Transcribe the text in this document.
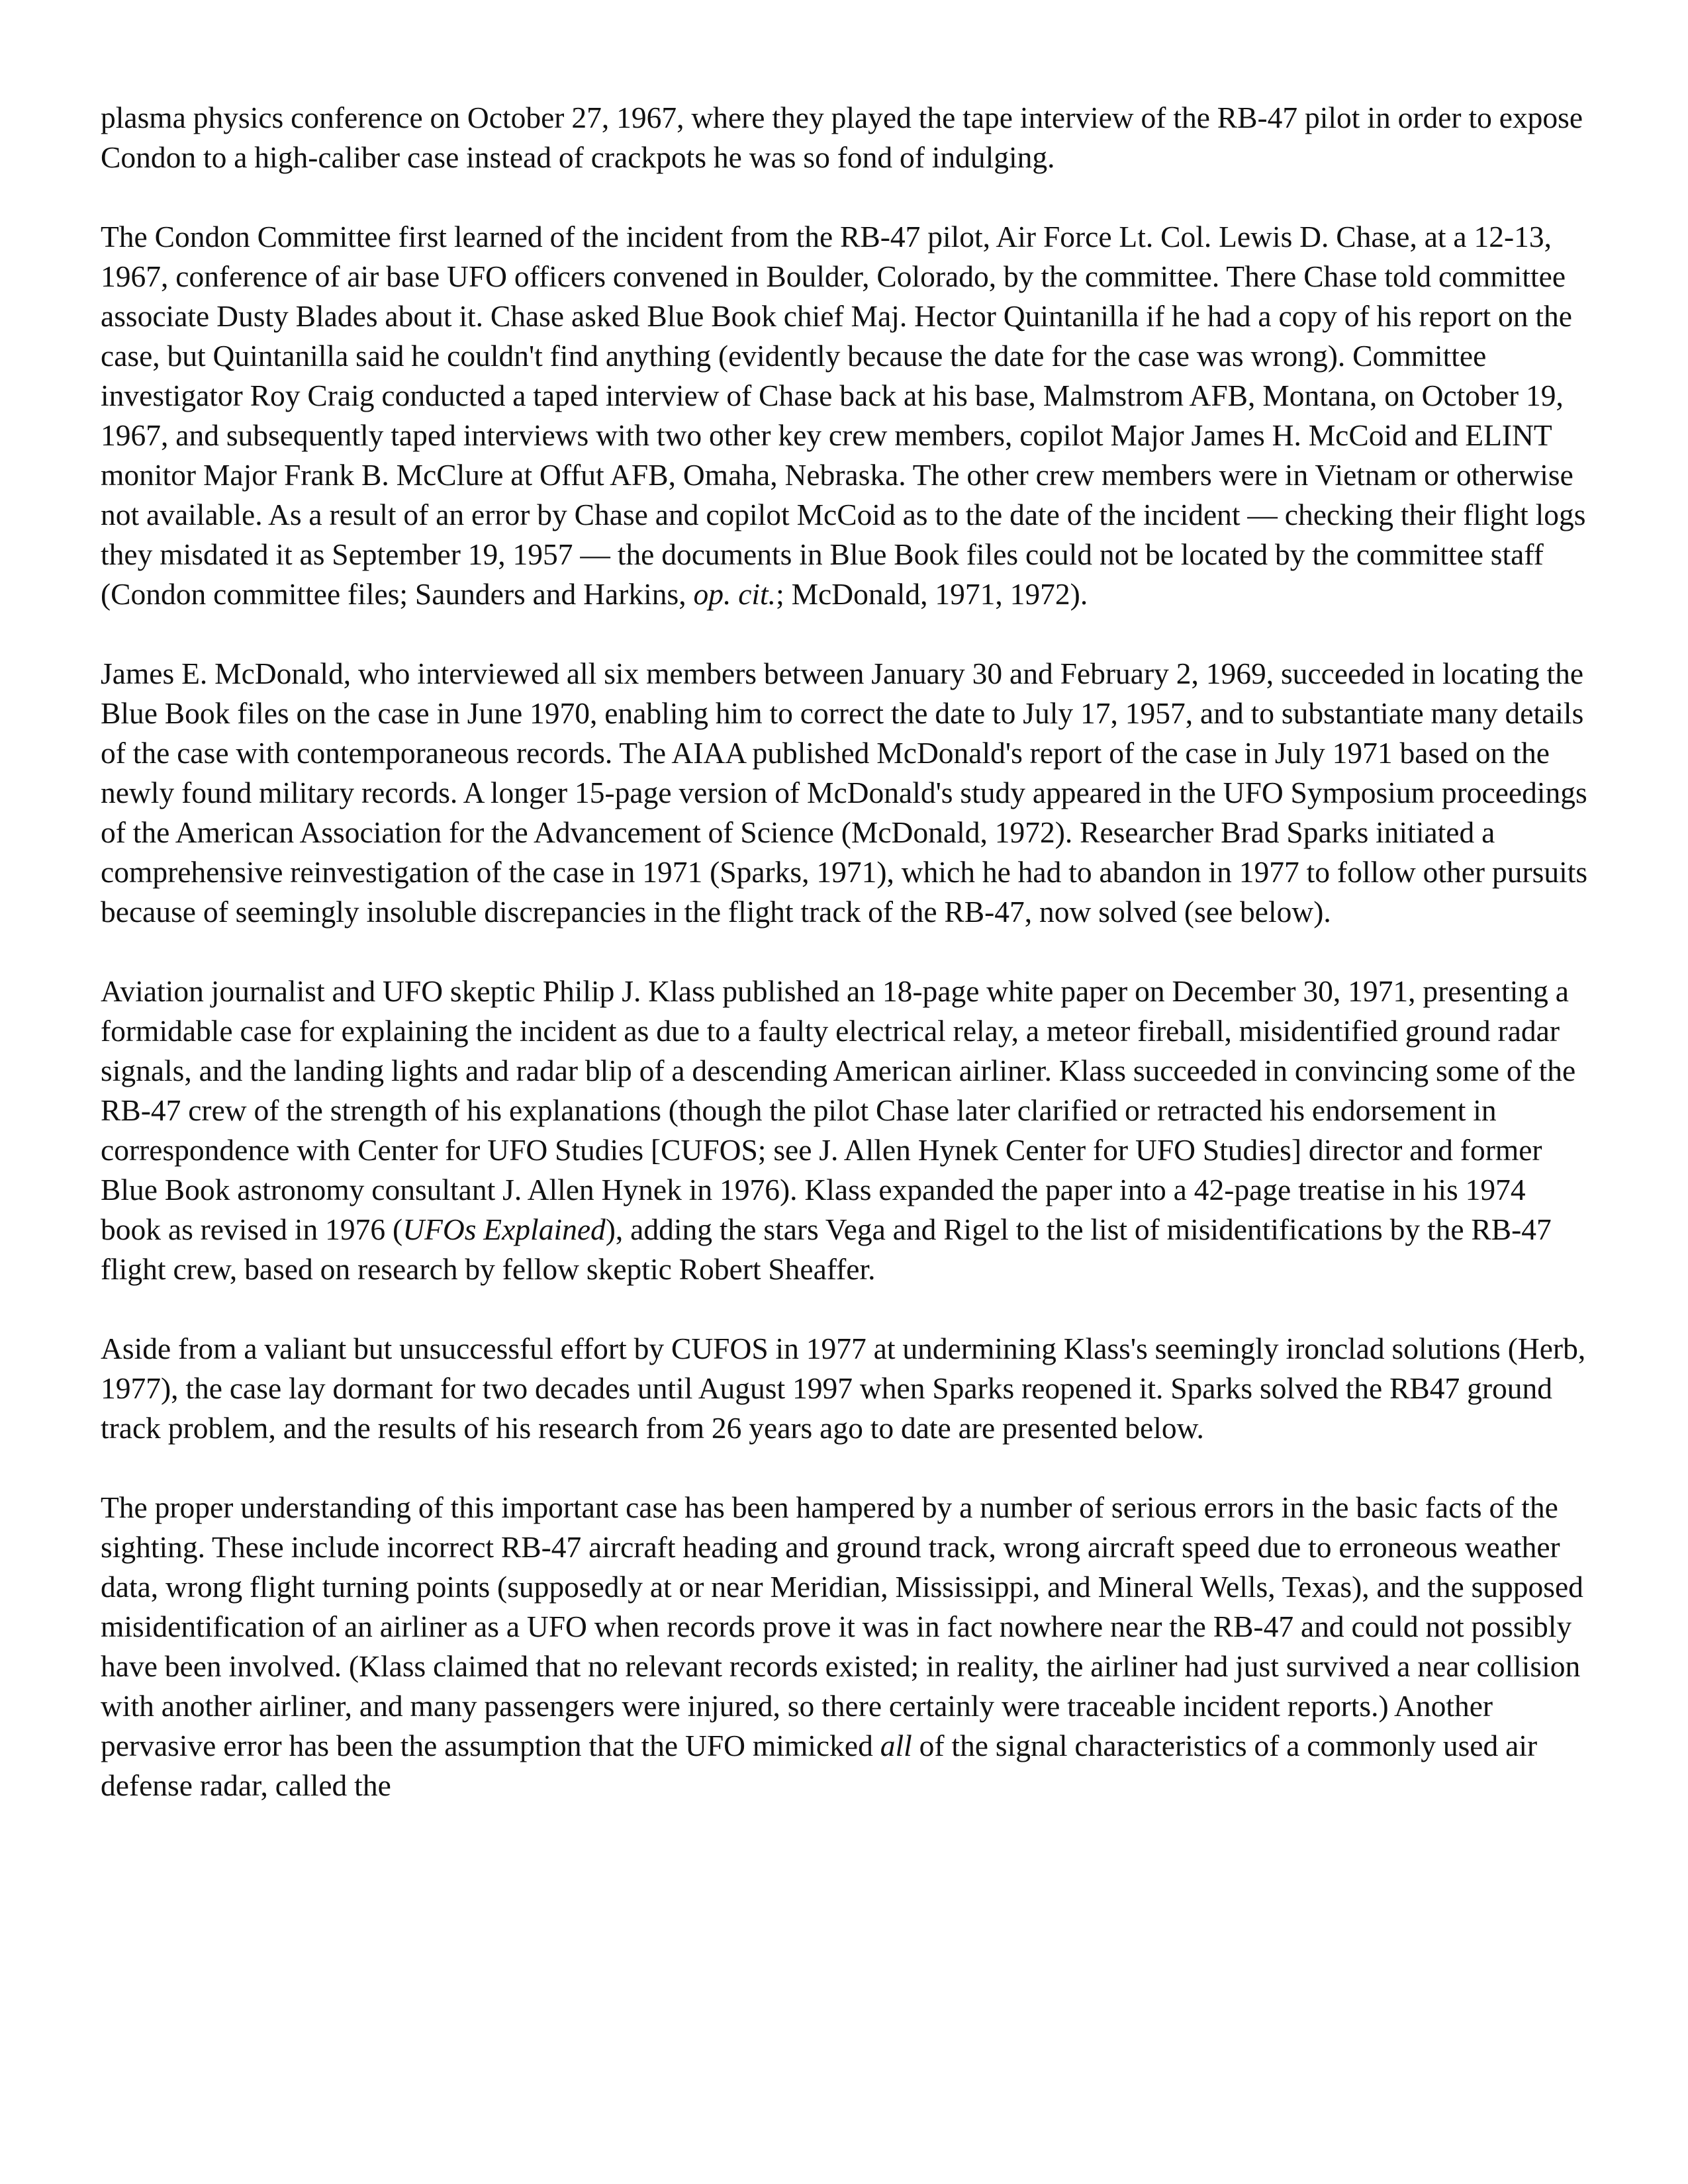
plasma physics conference on October 27, 1967, where they played the tape interview of the RB-47 pilot in order to expose Condon to a high-caliber case instead of crackpots he was so fond of indulging.

The Condon Committee first learned of the incident from the RB-47 pilot, Air Force Lt. Col. Lewis D. Chase, at a 12-13, 1967, conference of air base UFO officers convened in Boulder, Colorado, by the committee. There Chase told committee associate Dusty Blades about it. Chase asked Blue Book chief Maj. Hector Quintanilla if he had a copy of his report on the case, but Quintanilla said he couldn't find anything (evidently because the date for the case was wrong). Committee investigator Roy Craig conducted a taped interview of Chase back at his base, Malmstrom AFB, Montana, on October 19, 1967, and subsequently taped interviews with two other key crew members, copilot Major James H. McCoid and ELINT monitor Major Frank B. McClure at Offut AFB, Omaha, Nebraska. The other crew members were in Vietnam or otherwise not available. As a result of an error by Chase and copilot McCoid as to the date of the incident — checking their flight logs they misdated it as September 19, 1957 — the documents in Blue Book files could not be located by the committee staff (Condon committee files; Saunders and Harkins, op. cit.; McDonald, 1971, 1972).

James E. McDonald, who interviewed all six members between January 30 and February 2, 1969, succeeded in locating the Blue Book files on the case in June 1970, enabling him to correct the date to July 17, 1957, and to substantiate many details of the case with contemporaneous records. The AIAA published McDonald's report of the case in July 1971 based on the newly found military records. A longer 15-page version of McDonald's study appeared in the UFO Symposium proceedings of the American Association for the Advancement of Science (McDonald, 1972). Researcher Brad Sparks initiated a comprehensive reinvestigation of the case in 1971 (Sparks, 1971), which he had to abandon in 1977 to follow other pursuits because of seemingly insoluble discrepancies in the flight track of the RB-47, now solved (see below).

Aviation journalist and UFO skeptic Philip J. Klass published an 18-page white paper on December 30, 1971, presenting a formidable case for explaining the incident as due to a faulty electrical relay, a meteor fireball, misidentified ground radar signals, and the landing lights and radar blip of a descending American airliner. Klass succeeded in convincing some of the RB-47 crew of the strength of his explanations (though the pilot Chase later clarified or retracted his endorsement in correspondence with Center for UFO Studies [CUFOS; see J. Allen Hynek Center for UFO Studies] director and former Blue Book astronomy consultant J. Allen Hynek in 1976). Klass expanded the paper into a 42-page treatise in his 1974 book as revised in 1976 (UFOs Explained), adding the stars Vega and Rigel to the list of misidentifications by the RB-47 flight crew, based on research by fellow skeptic Robert Sheaffer.

Aside from a valiant but unsuccessful effort by CUFOS in 1977 at undermining Klass's seemingly ironclad solutions (Herb, 1977), the case lay dormant for two decades until August 1997 when Sparks reopened it. Sparks solved the RB47 ground track problem, and the results of his research from 26 years ago to date are presented below.

The proper understanding of this important case has been hampered by a number of serious errors in the basic facts of the sighting. These include incorrect RB-47 aircraft heading and ground track, wrong aircraft speed due to erroneous weather data, wrong flight turning points (supposedly at or near Meridian, Mississippi, and Mineral Wells, Texas), and the supposed misidentification of an airliner as a UFO when records prove it was in fact nowhere near the RB-47 and could not possibly have been involved. (Klass claimed that no relevant records existed; in reality, the airliner had just survived a near collision with another airliner, and many passengers were injured, so there certainly were traceable incident reports.) Another pervasive error has been the assumption that the UFO mimicked all of the signal characteristics of a commonly used air defense radar, called the
